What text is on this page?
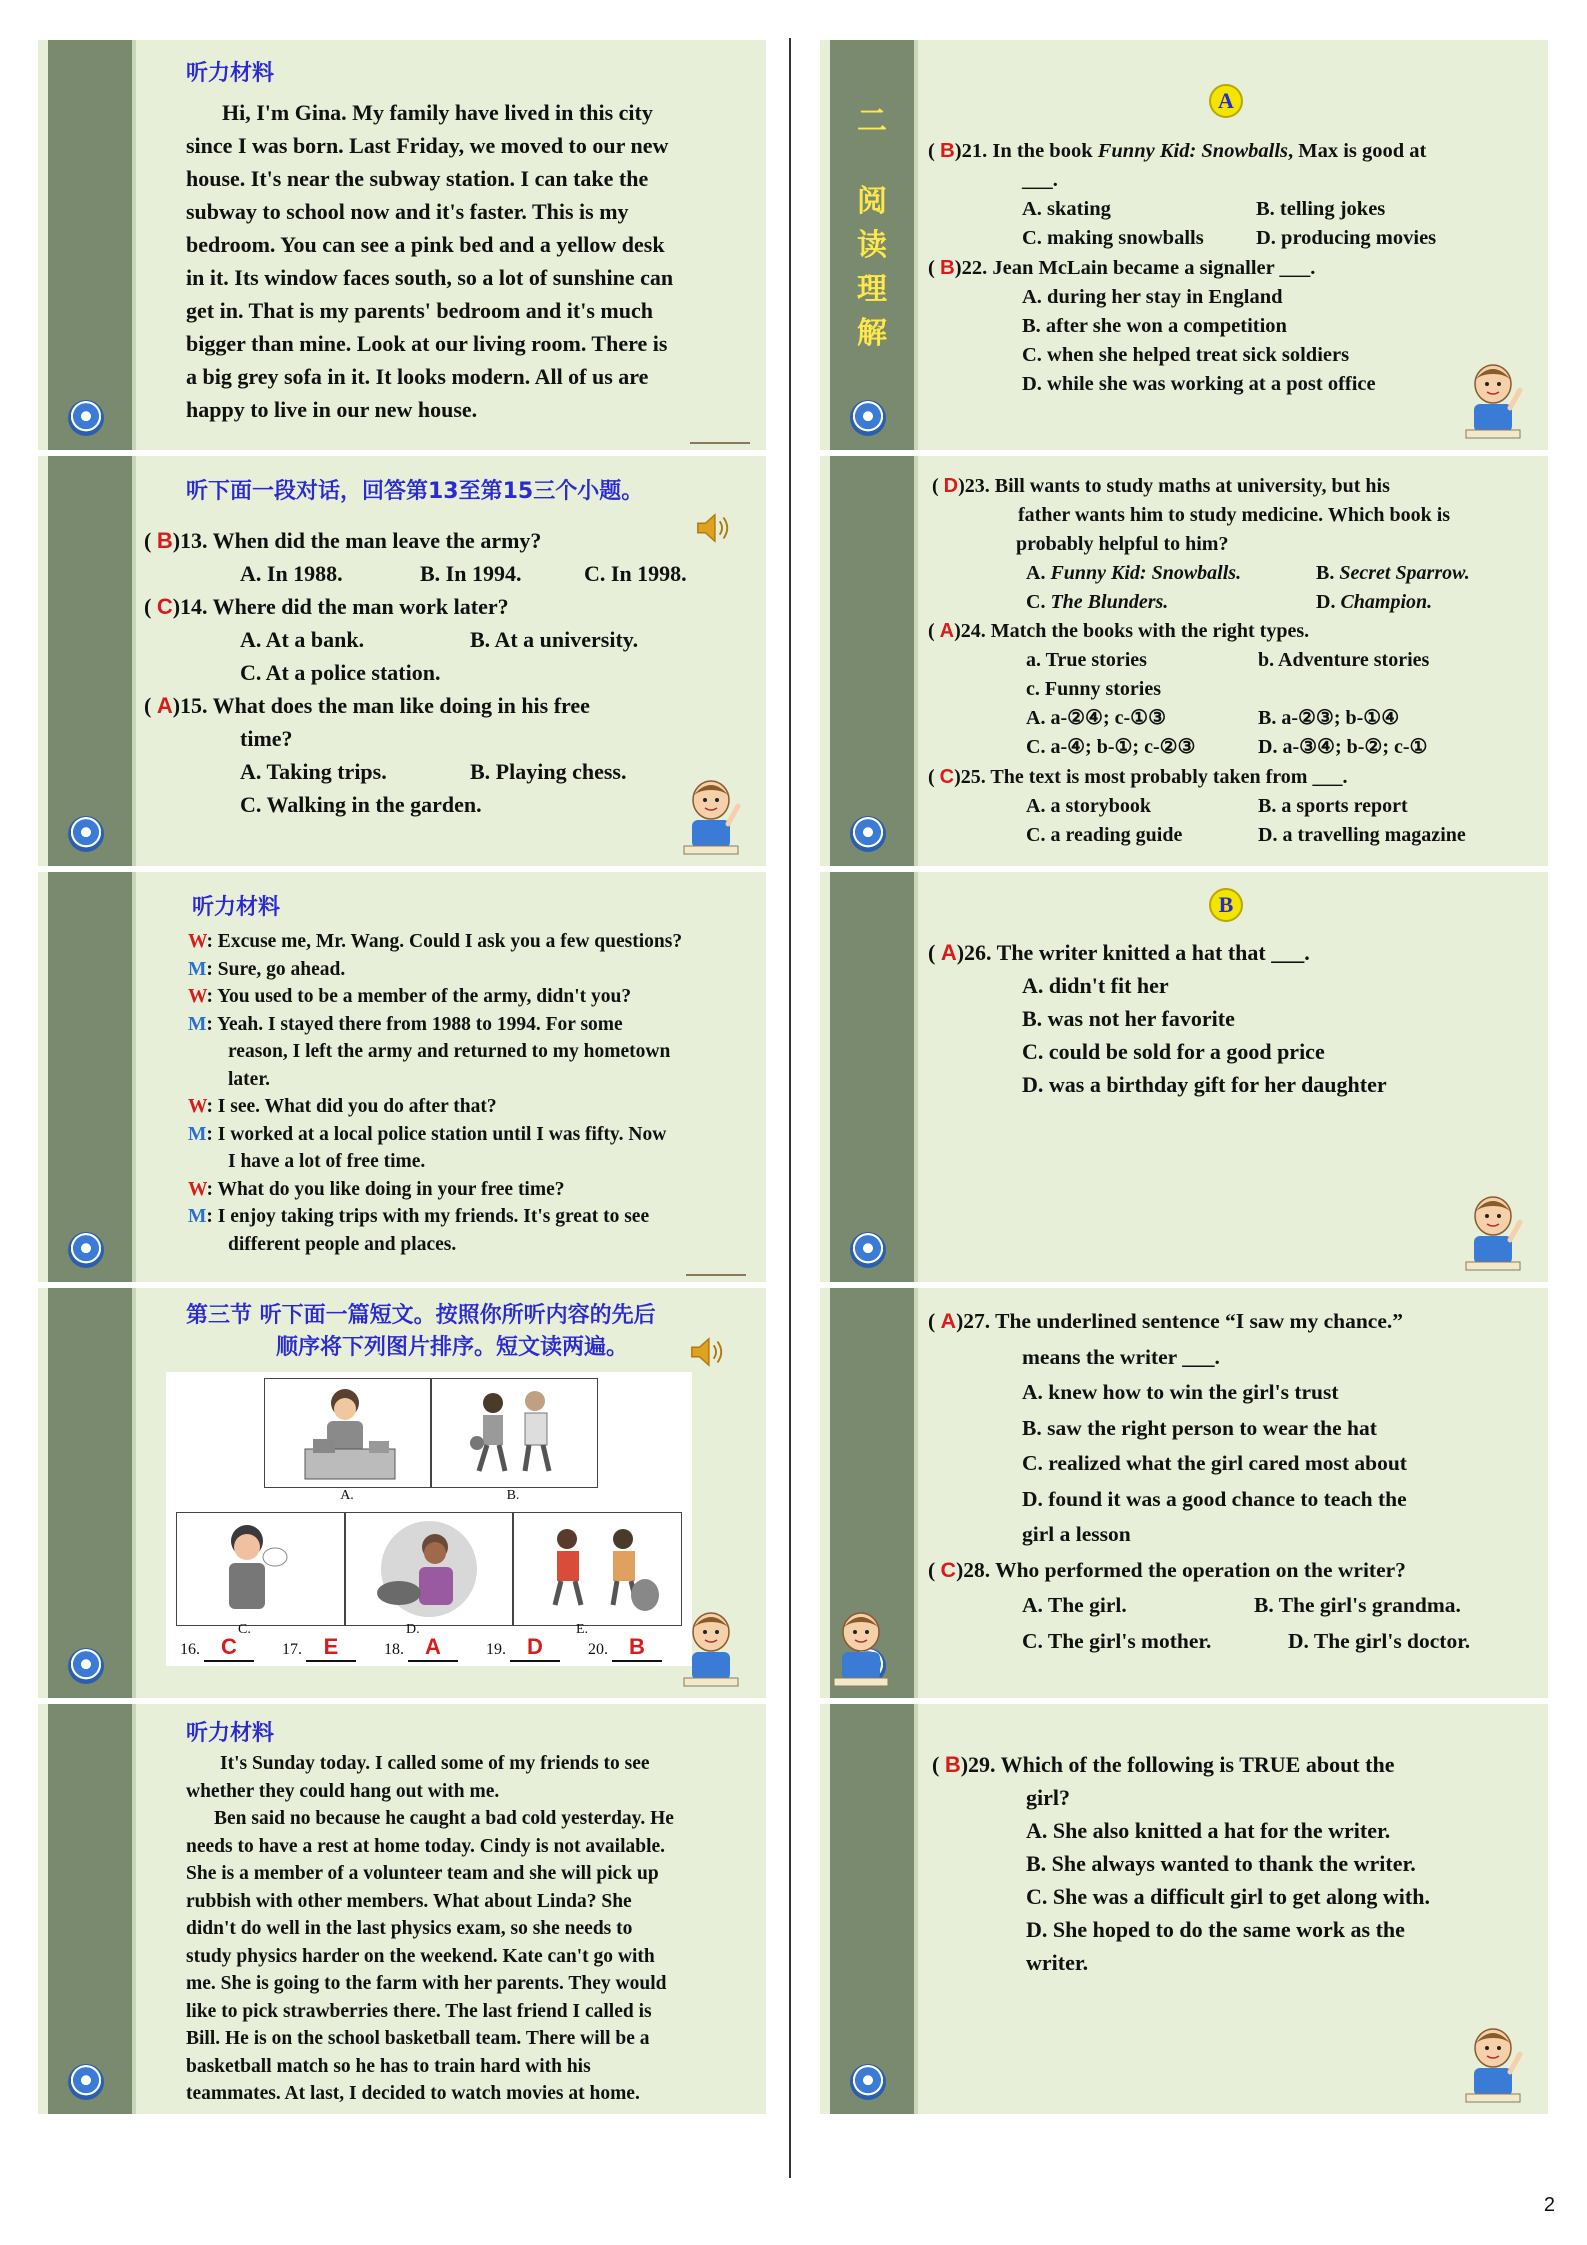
听力材料
Hi, I'm Gina. My family have lived in this city
since I was born. Last Friday, we moved to our new
house. It's near the subway station. I can take the
subway to school now and it's faster. This is my
bedroom. You can see a pink bed and a yellow desk
in it. Its window faces south, so a lot of sunshine can
get in. That is my parents' bedroom and it's much
bigger than mine. Look at our living room. There is
a big grey sofa in it. It looks modern. All of us are
happy to live in our new house.
听下面一段对话，回答第13至第15三个小题。
( B)13. When did the man leave the army?
A. In 1988.	B. In 1994.	C. In 1998.
( C)14. Where did the man work later?
A. At a bank.	B. At a university.
C. At a police station.
( A)15. What does the man like doing in his free
time?
A. Taking trips.	B. Playing chess.
C. Walking in the garden.
听力材料
W: Excuse me, Mr. Wang. Could I ask you a few questions?
M: Sure, go ahead.
W: You used to be a member of the army, didn't you?
M: Yeah. I stayed there from 1988 to 1994. For some
reason, I left the army and returned to my hometown
later.
W: I see. What did you do after that?
M: I worked at a local police station until I was fifty. Now
I have a lot of free time.
W: What do you like doing in your free time?
M: I enjoy taking trips with my friends. It's great to see
different people and places.
第三节 听下面一篇短文。按照你所听内容的先后
顺序将下列图片排序。短文读两遍。
A.	B.
C.	D.	E.
16. C	17. E	18. A	19. D	20. B
听力材料
It's Sunday today. I called some of my friends to see
whether they could hang out with me.
Ben said no because he caught a bad cold yesterday. He
needs to have a rest at home today. Cindy is not available.
She is a member of a volunteer team and she will pick up
rubbish with other members. What about Linda? She
didn't do well in the last physics exam, so she needs to
study physics harder on the weekend. Kate can't go with
me. She is going to the farm with her parents. They would
like to pick strawberries there. The last friend I called is
Bill. He is on the school basketball team. There will be a
basketball match so he has to train hard with his
teammates. At last, I decided to watch movies at home.
二
阅
读
理
解
A
( B)21. In the book Funny Kid: Snowballs, Max is good at
___.
A. skating	B. telling jokes
C. making snowballs	D. producing movies
( B)22. Jean McLain became a signaller ___.
A. during her stay in England
B. after she won a competition
C. when she helped treat sick soldiers
D. while she was working at a post office
( D)23. Bill wants to study maths at university, but his
father wants him to study medicine. Which book is
probably helpful to him?
A. Funny Kid: Snowballs.	B. Secret Sparrow.
C. The Blunders.	D. Champion.
( A)24. Match the books with the right types.
a. True stories	b. Adventure stories
c. Funny stories
A. a-②④; c-①③	B. a-②③; b-①④
C. a-④; b-①; c-②③	D. a-③④; b-②; c-①
( C)25. The text is most probably taken from ___.
A. a storybook	B. a sports report
C. a reading guide	D. a travelling magazine
B
( A)26. The writer knitted a hat that ___.
A. didn't fit her
B. was not her favorite
C. could be sold for a good price
D. was a birthday gift for her daughter
( A)27. The underlined sentence “I saw my chance.”
means the writer ___.
A. knew how to win the girl's trust
B. saw the right person to wear the hat
C. realized what the girl cared most about
D. found it was a good chance to teach the
girl a lesson
( C)28. Who performed the operation on the writer?
A. The girl.	B. The girl's grandma.
C. The girl's mother.	D. The girl's doctor.
( B)29. Which of the following is TRUE about the
girl?
A. She also knitted a hat for the writer.
B. She always wanted to thank the writer.
C. She was a difficult girl to get along with.
D. She hoped to do the same work as the
writer.
2
